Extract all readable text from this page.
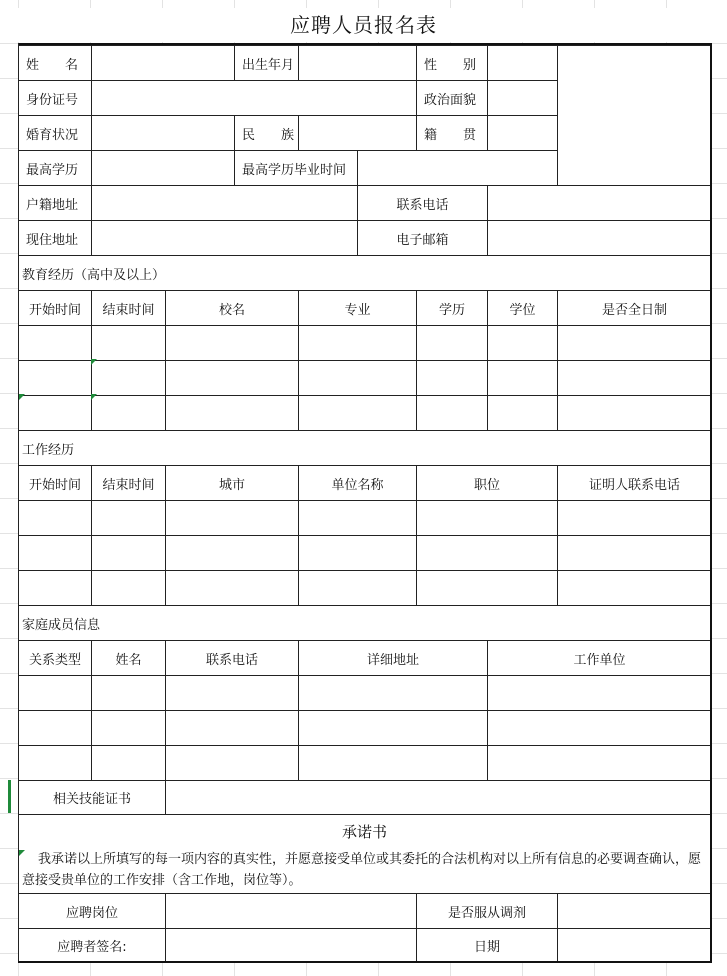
应聘人员报名表
姓　　名	出生年月	性　　别
身份证号	政治面貌
婚育状况	民　　族	籍　　贯
最高学历	最高学历毕业时间
户籍地址	联系电话
现住地址	电子邮箱
教育经历（高中及以上）
开始时间	结束时间	校名	专业	学历	学位	是否全日制
工作经历
开始时间	结束时间	城市	单位名称	职位	证明人联系电话
家庭成员信息
关系类型	姓名	联系电话	详细地址	工作单位
相关技能证书
应聘岗位	是否服从调剂
应聘者签名:	日期
承诺书
我承诺以上所填写的每一项内容的真实性，并愿意接受单位或其委托的合法机构对以上所有信息的必要调查确认，愿意接受贵单位的工作安排（含工作地，岗位等）。
